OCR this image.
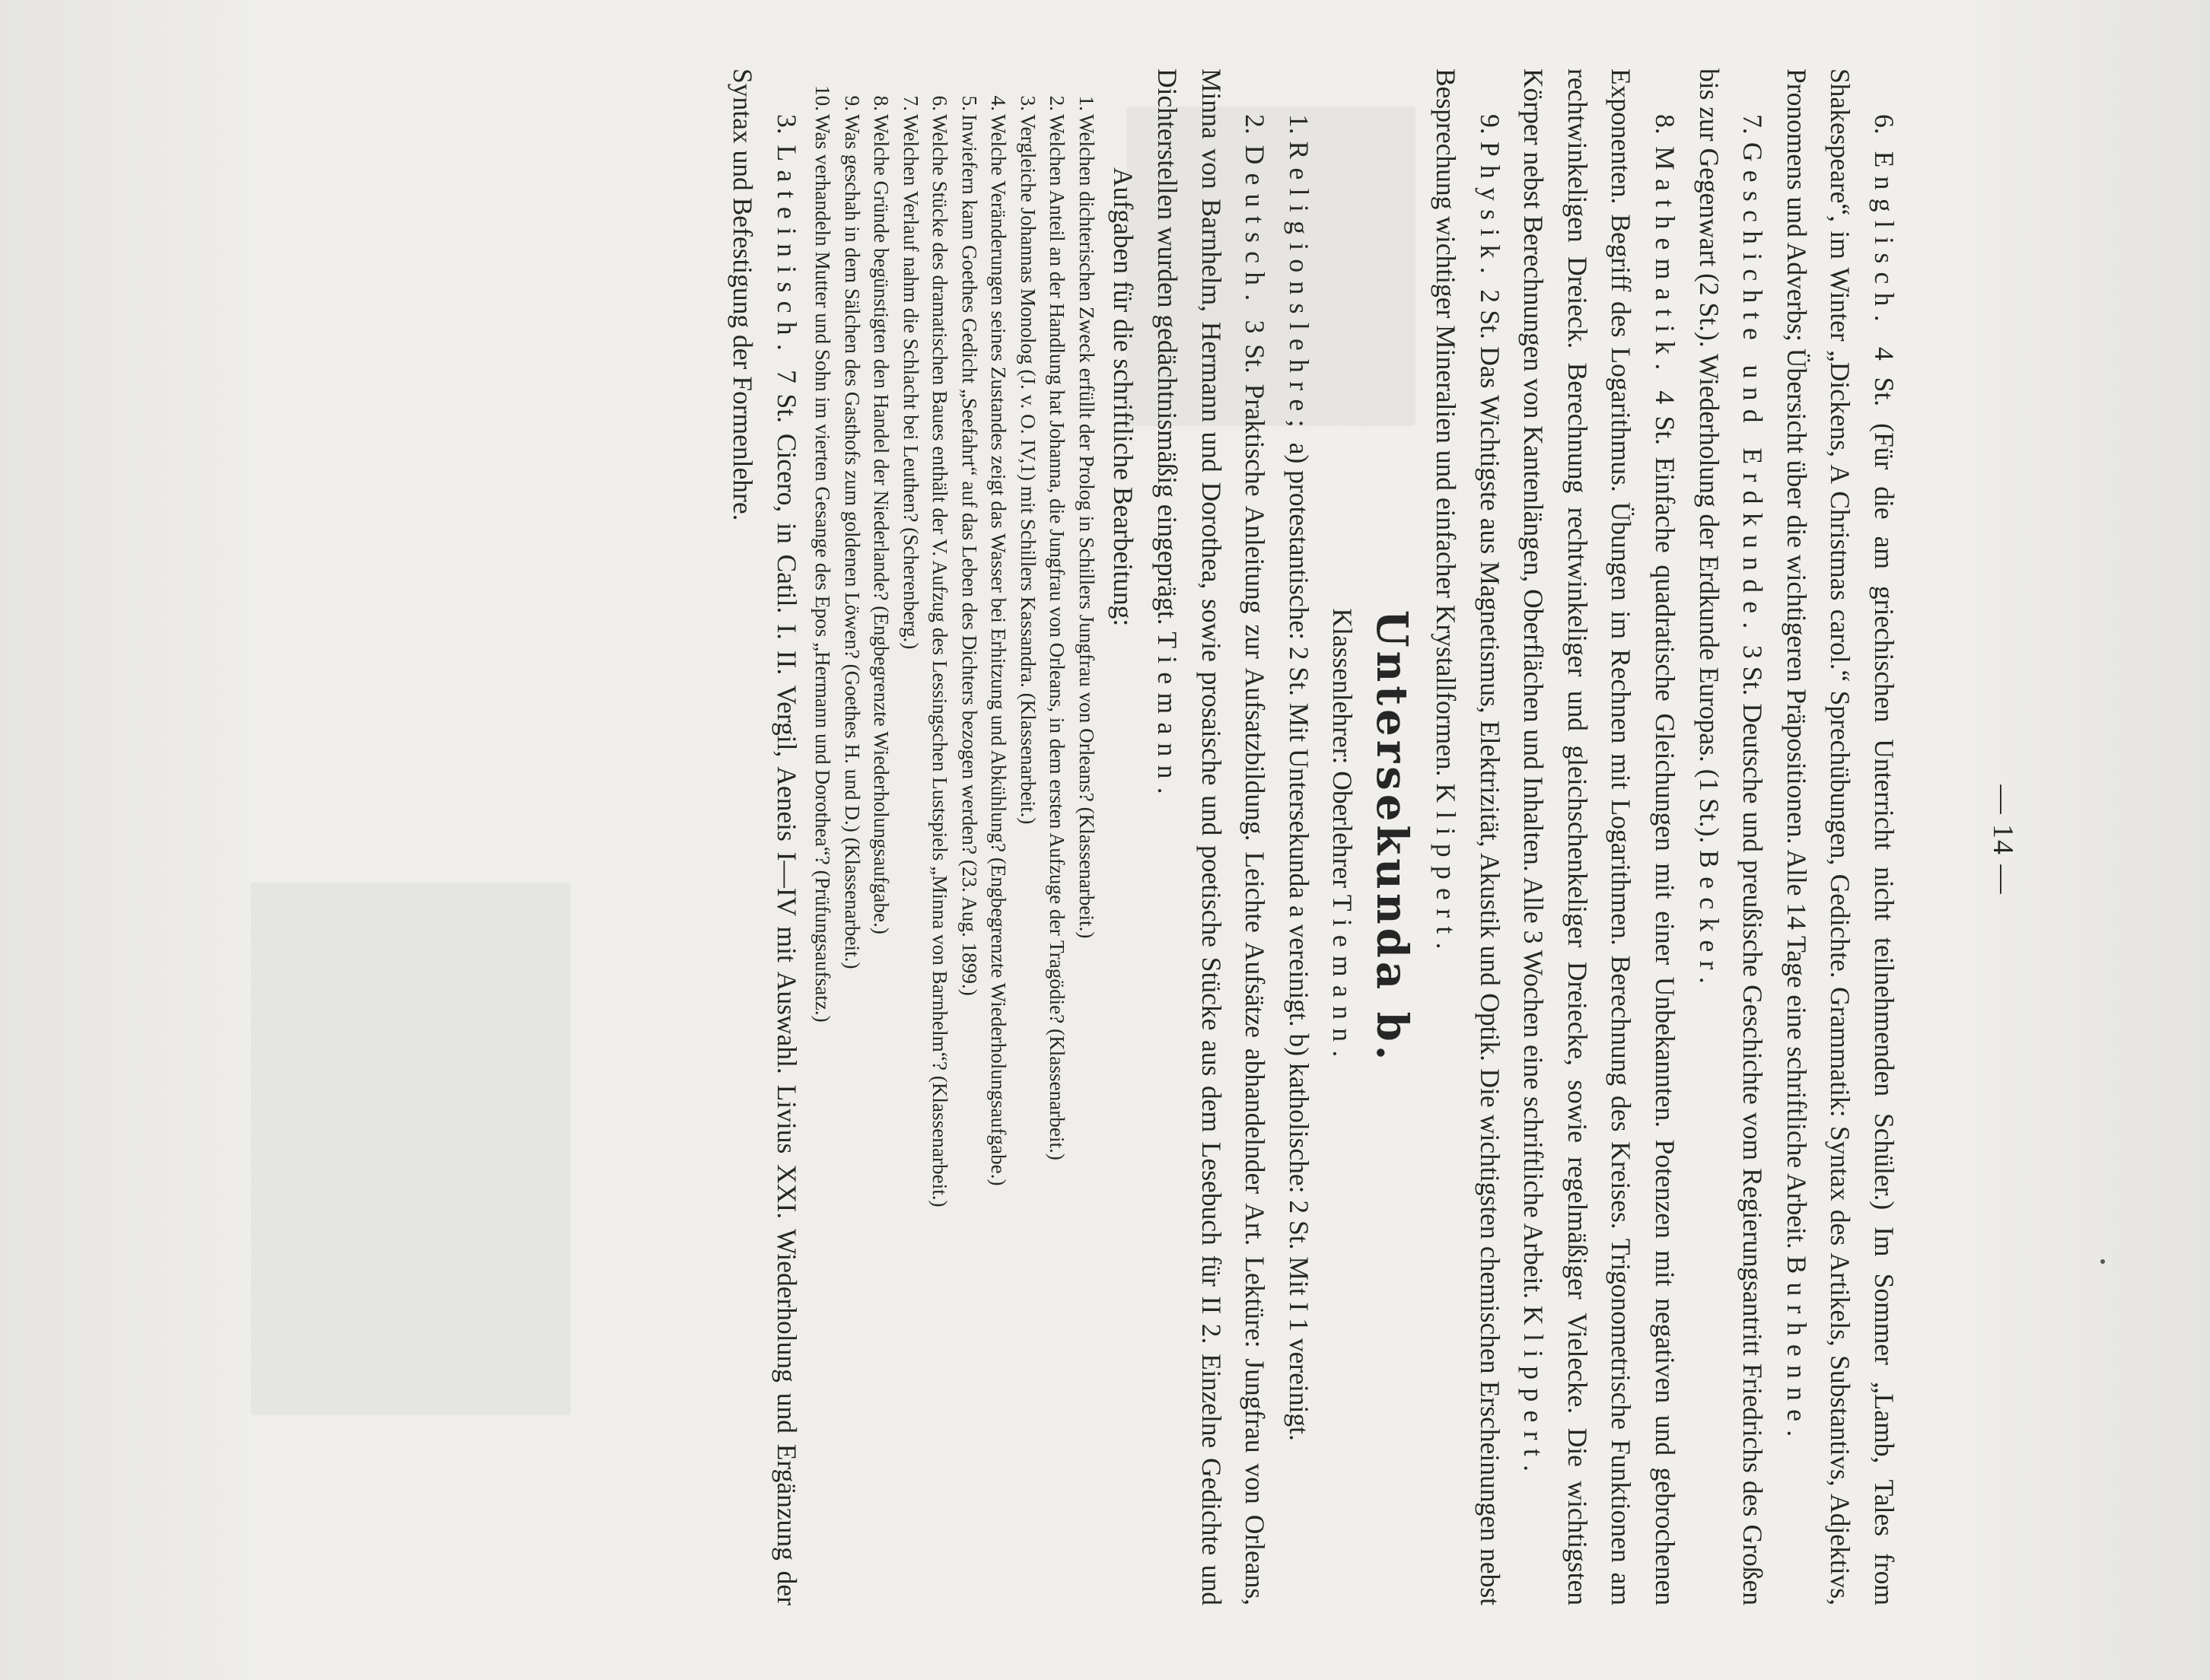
— 14 —

6. Englisch. 4 St. (Für die am griechischen Unterricht nicht teilnehmenden Schüler.) Im Sommer „Lamb, Tales from Shakespeare“, im Winter „Dickens, A Christmas carol.“ Sprechübungen, Gedichte. Grammatik: Syntax des Artikels, Substantivs, Adjektivs, Pronomens und Adverbs; Übersicht über die wichtigeren Präpositionen. Alle 14 Tage eine schriftliche Arbeit. Burhenne.

7. Geschichte und Erdkunde. 3 St. Deutsche und preußische Geschichte vom Regierungsantritt Friedrichs des Großen bis zur Gegenwart (2 St.). Wiederholung der Erdkunde Europas. (1 St.). Becker.

8. Mathematik. 4 St. Einfache quadratische Gleichungen mit einer Unbekannten. Potenzen mit negativen und gebrochenen Exponenten. Begriff des Logarithmus. Übungen im Rechnen mit Logarithmen. Berechnung des Kreises. Trigonometrische Funktionen am rechtwinkeligen Dreieck. Berechnung rechtwinkeliger und gleichschenkeliger Dreiecke, sowie regelmäßiger Vielecke. Die wichtigsten Körper nebst Berechnungen von Kantenlängen, Oberflächen und Inhalten. Alle 3 Wochen eine schriftliche Arbeit. Klippert.

9. Physik. 2 St. Das Wichtigste aus Magnetismus, Elektrizität, Akustik und Optik. Die wichtigsten chemischen Erscheinungen nebst Besprechung wichtiger Mineralien und einfacher Krystallformen. Klippert.

Untersekunda b.

Klassenlehrer: Oberlehrer Tiemann.

1. Religionslehre; a) protestantische: 2 St. Mit Untersekunda a vereinigt. b) katholische: 2 St. Mit I 1 vereinigt.

2. Deutsch. 3 St. Praktische Anleitung zur Aufsatzbildung. Leichte Aufsätze abhandelnder Art. Lektüre: Jungfrau von Orleans, Minna von Barnhelm, Hermann und Dorothea, sowie prosaische und poetische Stücke aus dem Lesebuch für II 2. Einzelne Gedichte und Dichterstellen wurden gedächtnismäßig eingeprägt. Tiemann.

Aufgaben für die schriftliche Bearbeitung:

1.
Welchen dichterischen Zweck erfüllt der Prolog in Schillers Jungfrau von Orleans? (Klassenarbeit.)
2.
Welchen Anteil an der Handlung hat Johanna, die Jungfrau von Orleans, in dem ersten Aufzuge der Tragödie? (Klassenarbeit.)
3.
Vergleiche Johannas Monolog (J. v. O. IV,1) mit Schillers Kassandra. (Klassenarbeit.)
4.
Welche Veränderungen seines Zustandes zeigt das Wasser bei Erhitzung und Abkühlung? (Engbegrenzte Wiederholungsaufgabe.)
5.
Inwiefern kann Goethes Gedicht „Seefahrt“ auf das Leben des Dichters bezogen werden? (23. Aug. 1899.)
6.
Welche Stücke des dramatischen Baues enthält der V. Aufzug des Lessingschen Lustspiels „Minna von Barnhelm“? (Klassenarbeit.)
7.
Welchen Verlauf nahm die Schlacht bei Leuthen? (Scherenberg.)
8.
Welche Gründe begünstigten den Handel der Niederlande? (Engbegrenzte Wiederholungsaufgabe.)
9.
Was geschah in dem Sälchen des Gasthofs zum goldenen Löwen? (Goethes H. und D.) (Klassenarbeit.)
10.
Was verhandeln Mutter und Sohn im vierten Gesange des Epos „Hermann und Dorothea“? (Prüfungsaufsatz.)

3. Lateinisch. 7 St. Cicero, in Catil. I. II. Vergil, Aeneis I—IV mit Auswahl. Livius XXI. Wiederholung und Ergänzung der Syntax und Befestigung der Formenlehre.
